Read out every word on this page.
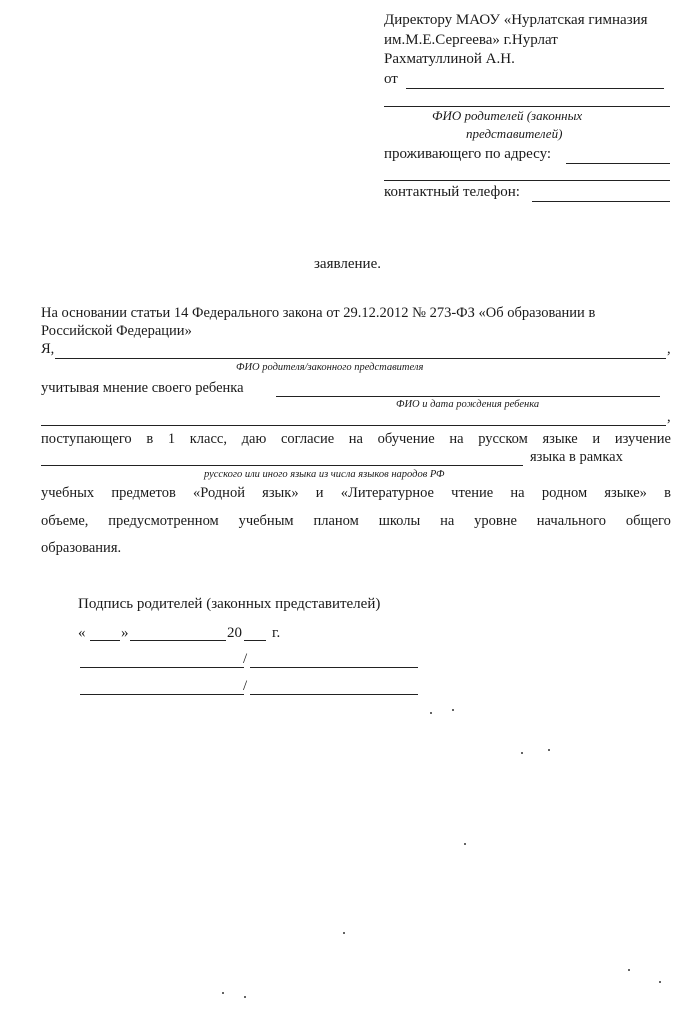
Директору МАОУ «Нурлатская гимназия
им.М.Е.Сергеева» г.Нурлат
Рахматуллиной А.Н.
от
ФИО родителей (законных
представителей)
проживающего по адресу:
контактный телефон:
заявление.
На основании статьи 14 Федерального закона от 29.12.2012 № 273-ФЗ «Об образовании в
Российской Федерации»
Я,	,
ФИО родителя/законного представителя
учитывая мнение своего ребенка
ФИО и дата рождения ребенка
,
поступающего в 1 класс, даю согласие на обучение на русском языке и изучение
языка в рамках
русского или иного языка из числа языков народов РФ
учебных предметов «Родной язык» и «Литературное чтение на родном языке» в
объеме, предусмотренном учебным планом школы на уровне начального общего
образования.
Подпись родителей (законных представителей)
« »	20 г.
/
/
